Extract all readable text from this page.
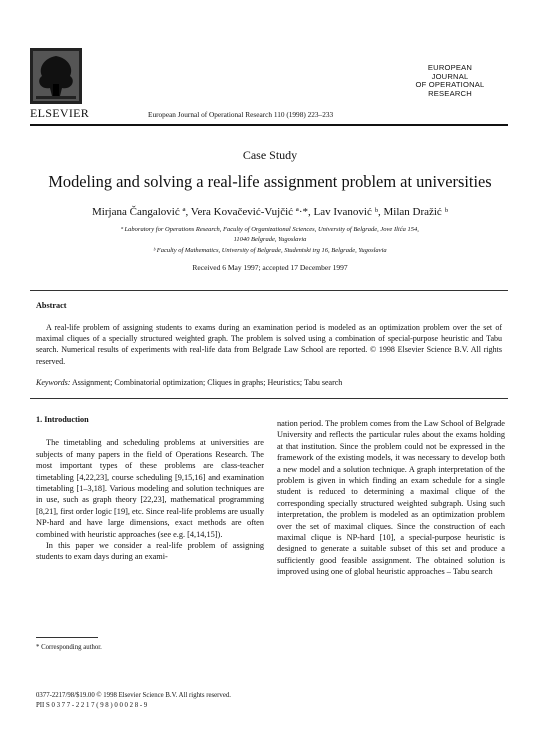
ELSEVIER	European Journal of Operational Research 110 (1998) 223–233
EUROPEAN
JOURNAL
OF OPERATIONAL
RESEARCH
Case Study
Modeling and solving a real-life assignment problem at universities
Mirjana Čangalović ª, Vera Kovačević-Vujčić ª·*, Lav Ivanović ᵇ, Milan Dražić ᵇ
ª Laboratory for Operations Research, Faculty of Organizational Sciences, University of Belgrade, Jove Ilića 154,
11040 Belgrade, Yugoslavia
ᵇ Faculty of Mathematics, University of Belgrade, Studentski trg 16, Belgrade, Yugoslavia
Received 6 May 1997; accepted 17 December 1997
Abstract
A real-life problem of assigning students to exams during an examination period is modeled as an optimization problem over the set of maximal cliques of a specially structured weighted graph. The problem is solved using a combination of special-purpose heuristic and Tabu search. Numerical results of experiments with real-life data from Belgrade Law School are reported. © 1998 Elsevier Science B.V. All rights reserved.
Keywords: Assignment; Combinatorial optimization; Cliques in graphs; Heuristics; Tabu search
1. Introduction

The timetabling and scheduling problems at universities are subjects of many papers in the field of Operations Research. The most important types of these problems are class-teacher timetabling [4,22,23], course scheduling [9,15,16] and examination timetabling [1–3,18]. Various modeling and solution techniques are in use, such as graph theory [22,23], mathematical programming [8,21], first order logic [19], etc. Since real-life problems are usually NP-hard and have large dimensions, exact methods are often combined with heuristic approaches (see e.g. [4,14,15]).

In this paper we consider a real-life problem of assigning students to exam days during an exami-

nation period. The problem comes from the Law School of Belgrade University and reflects the particular rules about the exams holding at that institution. Since the problem could not be expressed in the framework of the existing models, it was necessary to develop both a new model and a solution technique. A graph interpretation of the problem is given in which finding an exam schedule for a single student is reduced to determining a maximal clique of the corresponding specially structured weighted subgraph. Using such interpretation, the problem is modeled as an optimization problem over the set of maximal cliques. Since the construction of each maximal clique is NP-hard [10], a special-purpose heuristic is designed to generate a suitable subset of this set and produce a sufficiently good feasible assignment. The obtained solution is improved using one of global heuristic approaches – Tabu search

* Corresponding author.
0377-2217/98/$19.00 © 1998 Elsevier Science B.V. All rights reserved.
PII S 0 3 7 7 - 2 2 1 7 ( 9 8 ) 0 0 0 2 8 - 9
